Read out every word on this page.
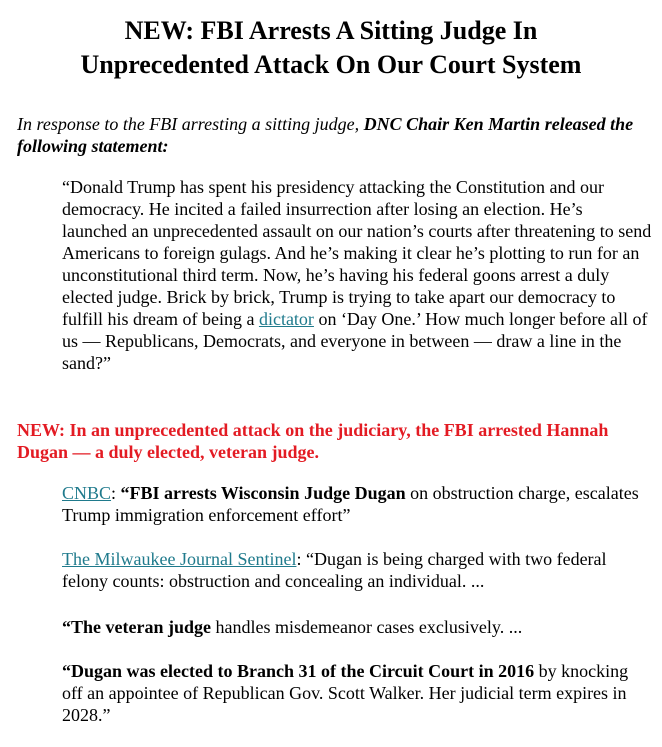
NEW: FBI Arrests A Sitting Judge In
Unprecedented Attack On Our Court System
In response to the FBI arresting a sitting judge, DNC Chair Ken Martin released the following statement:
“Donald Trump has spent his presidency attacking the Constitution and our democracy. He incited a failed insurrection after losing an election. He’s launched an unprecedented assault on our nation’s courts after threatening to send Americans to foreign gulags. And he’s making it clear he’s plotting to run for an unconstitutional third term. Now, he’s having his federal goons arrest a duly elected judge. Brick by brick, Trump is trying to take apart our democracy to fulfill his dream of being a dictator on ‘Day One.’ How much longer before all of us — Republicans, Democrats, and everyone in between — draw a line in the sand?”
NEW: In an unprecedented attack on the judiciary, the FBI arrested Hannah Dugan — a duly elected, veteran judge.
CNBC: “FBI arrests Wisconsin Judge Dugan on obstruction charge, escalates Trump immigration enforcement effort”
The Milwaukee Journal Sentinel: “Dugan is being charged with two federal felony counts: obstruction and concealing an individual. ...
“The veteran judge handles misdemeanor cases exclusively. ...
“Dugan was elected to Branch 31 of the Circuit Court in 2016 by knocking off an appointee of Republican Gov. Scott Walker. Her judicial term expires in 2028.”
